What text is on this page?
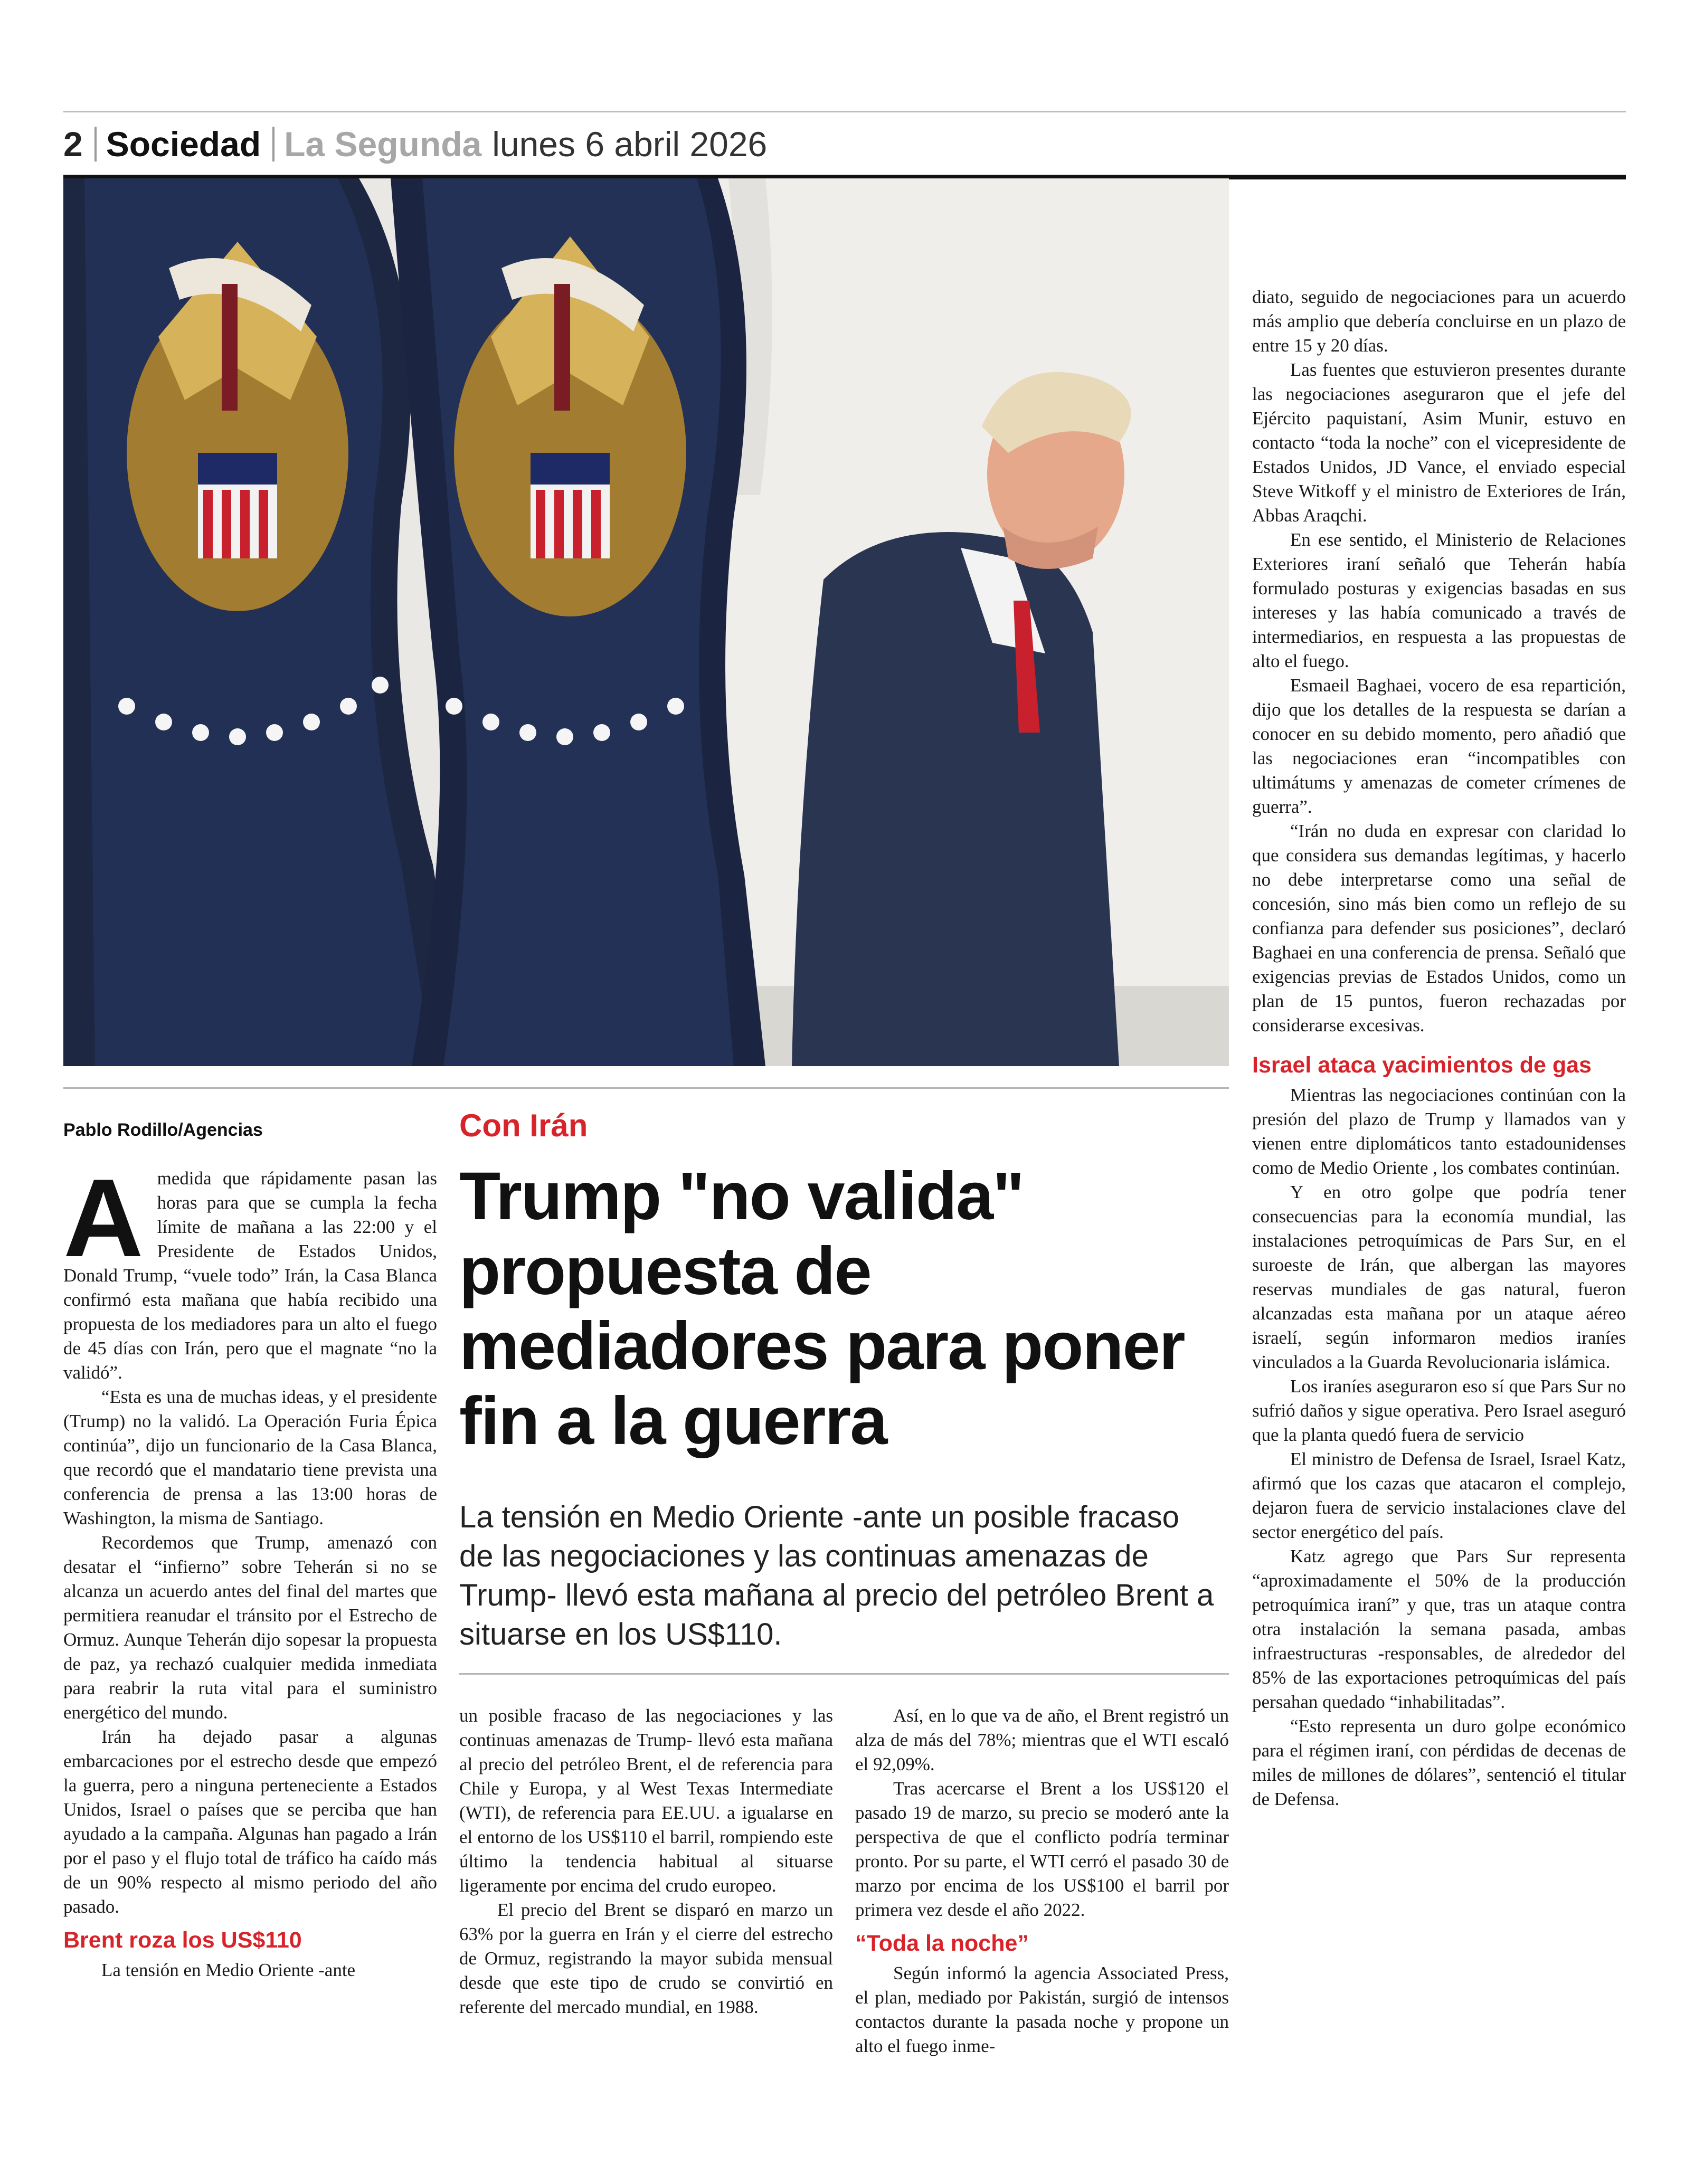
2 Sociedad La Segunda lunes 6 abril 2026
Pablo Rodillo/Agencias

Amedida que rápidamente pasan las horas para que se cumpla la fecha límite de mañana a las 22:00 y el Presidente de Estados Unidos, Donald Trump, “vuele todo” Irán, la Casa Blanca confirmó esta mañana que había recibido una propuesta de los mediadores para un alto el fuego de 45 días con Irán, pero que el magnate “no la validó”.

“Esta es una de muchas ideas, y el presidente (Trump) no la validó. La Operación Furia Épica continúa”, dijo un funcionario de la Casa Blanca, que recordó que el mandatario tiene prevista una conferencia de prensa a las 13:00 horas de Washington, la misma de Santiago.

Recordemos que Trump, amenazó con desatar el “infierno” sobre Teherán si no se alcanza un acuerdo antes del final del martes que permitiera reanudar el tránsito por el Estrecho de Ormuz. Aunque Teherán dijo sopesar la propuesta de paz, ya rechazó cualquier medida inmediata para reabrir la ruta vital para el suministro energético del mundo.

Irán ha dejado pasar a algunas embarcaciones por el estrecho desde que empezó la guerra, pero a ninguna perteneciente a Estados Unidos, Israel o países que se perciba que han ayudado a la campaña. Algunas han pagado a Irán por el paso y el flujo total de tráfico ha caído más de un 90% respecto al mismo periodo del año pasado.

Brent roza los US$110

La tensión en Medio Oriente -ante

Con Irán
Trump "no valida" propuesta de mediadores para poner fin a la guerra

La tensión en Medio Oriente -ante un posible fracaso de las negociaciones y las continuas amenazas de Trump- llevó esta mañana al precio del petróleo Brent a situarse en los US$110.

un posible fracaso de las negociaciones y las continuas amenazas de Trump- llevó esta mañana al precio del petróleo Brent, el de referencia para Chile y Europa, y al West Texas Intermediate (WTI), de referencia para EE.UU. a igualarse en el entorno de los US$110 el barril, rompiendo este último la tendencia habitual al situarse ligeramente por encima del crudo europeo.

El precio del Brent se disparó en marzo un 63% por la guerra en Irán y el cierre del estrecho de Ormuz, registrando la mayor subida mensual desde que este tipo de crudo se convirtió en referente del mercado mundial, en 1988.

Así, en lo que va de año, el Brent registró un alza de más del 78%; mientras que el WTI escaló el 92,09%.

Tras acercarse el Brent a los US$120 el pasado 19 de marzo, su precio se moderó ante la perspectiva de que el conflicto podría terminar pronto. Por su parte, el WTI cerró el pasado 30 de marzo por encima de los US$100 el barril por primera vez desde el año 2022.

“Toda la noche”

Según informó la agencia Associated Press, el plan, mediado por Pakistán, surgió de intensos contactos durante la pasada noche y propone un alto el fuego inme-

diato, seguido de negociaciones para un acuerdo más amplio que debería concluirse en un plazo de entre 15 y 20 días.

Las fuentes que estuvieron presentes durante las negociaciones aseguraron que el jefe del Ejército paquistaní, Asim Munir, estuvo en contacto “toda la noche” con el vicepresidente de Estados Unidos, JD Vance, el enviado especial Steve Witkoff y el ministro de Exteriores de Irán, Abbas Araqchi.

En ese sentido, el Ministerio de Relaciones Exteriores iraní señaló que Teherán había formulado posturas y exigencias basadas en sus intereses y las había comunicado a través de intermediarios, en respuesta a las propuestas de alto el fuego.

Esmaeil Baghaei, vocero de esa repartición, dijo que los detalles de la respuesta se darían a conocer en su debido momento, pero añadió que las negociaciones eran “incompatibles con ultimátums y amenazas de cometer crímenes de guerra”.

“Irán no duda en expresar con claridad lo que considera sus demandas legítimas, y hacerlo no debe interpretarse como una señal de concesión, sino más bien como un reflejo de su confianza para defender sus posiciones”, declaró Baghaei en una conferencia de prensa. Señaló que exigencias previas de Estados Unidos, como un plan de 15 puntos, fueron rechazadas por considerarse excesivas.

Israel ataca yacimientos de gas

Mientras las negociaciones continúan con la presión del plazo de Trump y llamados van y vienen entre diplomáticos tanto estadounidenses como de Medio Oriente , los combates continúan.

Y en otro golpe que podría tener consecuencias para la economía mundial, las instalaciones petroquímicas de Pars Sur, en el suroeste de Irán, que albergan las mayores reservas mundiales de gas natural, fueron alcanzadas esta mañana por un ataque aéreo israelí, según informaron medios iraníes vinculados a la Guarda Revolucionaria islámica.

Los iraníes aseguraron eso sí que Pars Sur no sufrió daños y sigue operativa. Pero Israel aseguró que la planta quedó fuera de servicio

El ministro de Defensa de Israel, Israel Katz, afirmó que los cazas que atacaron el complejo, dejaron fuera de servicio instalaciones clave del sector energético del país.

Katz agrego que Pars Sur representa “aproximadamente el 50% de la producción petroquímica iraní” y que, tras un ataque contra otra instalación la semana pasada, ambas infraestructuras -responsables, de alrededor del 85% de las exportaciones petroquímicas del país persahan quedado “inhabilitadas”.

“Esto representa un duro golpe económico para el régimen iraní, con pérdidas de decenas de miles de millones de dólares”, sentenció el titular de Defensa.
